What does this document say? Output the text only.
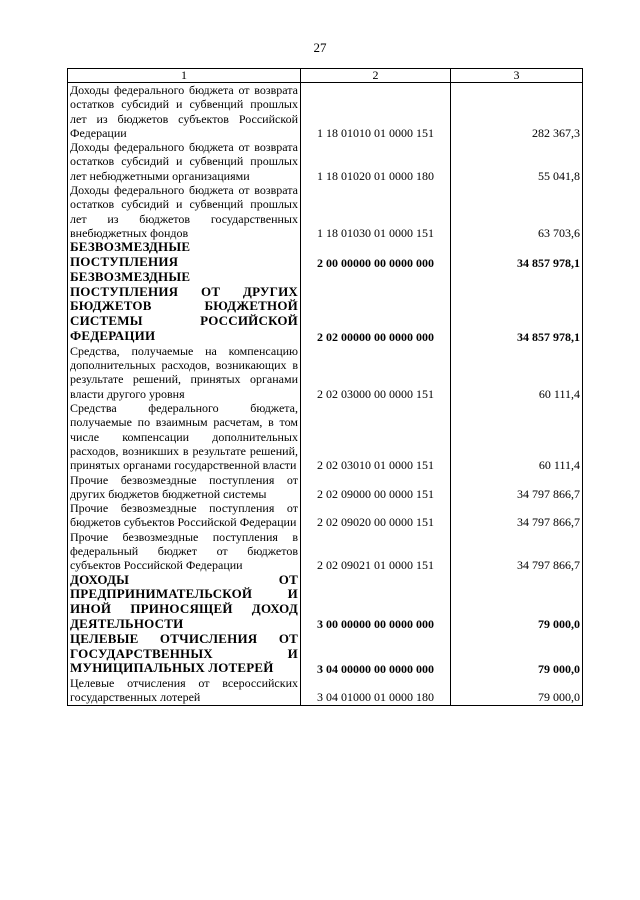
27
1	2	3
Доходы федерального бюджета от возврата остатков субсидий и субвенций прошлых лет из бюджетов субъектов Российской Федерации	1 18 01010 01 0000 151	282 367,3
Доходы федерального бюджета от возврата остатков субсидий и субвенций прошлых лет небюджетными организациями	1 18 01020 01 0000 180	55 041,8
Доходы федерального бюджета от возврата остатков субсидий и субвенций прошлых лет из бюджетов государственных внебюджетных фондов	1 18 01030 01 0000 151	63 703,6
БЕЗВОЗМЕЗДНЫЕ ПОСТУПЛЕНИЯ	2 00 00000 00 0000 000	34 857 978,1
БЕЗВОЗМЕЗДНЫЕ ПОСТУПЛЕНИЯ ОТ ДРУГИХ БЮДЖЕТОВ БЮДЖЕТНОЙ СИСТЕМЫ РОССИЙСКОЙ ФЕДЕРАЦИИ	2 02 00000 00 0000 000	34 857 978,1
Средства, получаемые на компенсацию дополнительных расходов, возникающих в результате решений, принятых органами власти другого уровня	2 02 03000 00 0000 151	60 111,4
Средства федерального бюджета, получаемые по взаимным расчетам, в том числе компенсации дополнительных расходов, возникших в результате решений, принятых органами государственной власти	2 02 03010 01 0000 151	60 111,4
Прочие безвозмездные поступления от других бюджетов бюджетной системы	2 02 09000 00 0000 151	34 797 866,7
Прочие безвозмездные поступления от бюджетов субъектов Российской Федерации	2 02 09020 00 0000 151	34 797 866,7
Прочие безвозмездные поступления в федеральный бюджет от бюджетов субъектов Российской Федерации	2 02 09021 01 0000 151	34 797 866,7
ДОХОДЫ ОТ ПРЕДПРИНИМАТЕЛЬСКОЙ И ИНОЙ ПРИНОСЯЩЕЙ ДОХОД ДЕЯТЕЛЬНОСТИ	3 00 00000 00 0000 000	79 000,0
ЦЕЛЕВЫЕ ОТЧИСЛЕНИЯ ОТ ГОСУДАРСТВЕННЫХ И МУНИЦИПАЛЬНЫХ ЛОТЕРЕЙ	3 04 00000 00 0000 000	79 000,0
Целевые отчисления от всероссийских государственных лотерей	3 04 01000 01 0000 180	79 000,0
